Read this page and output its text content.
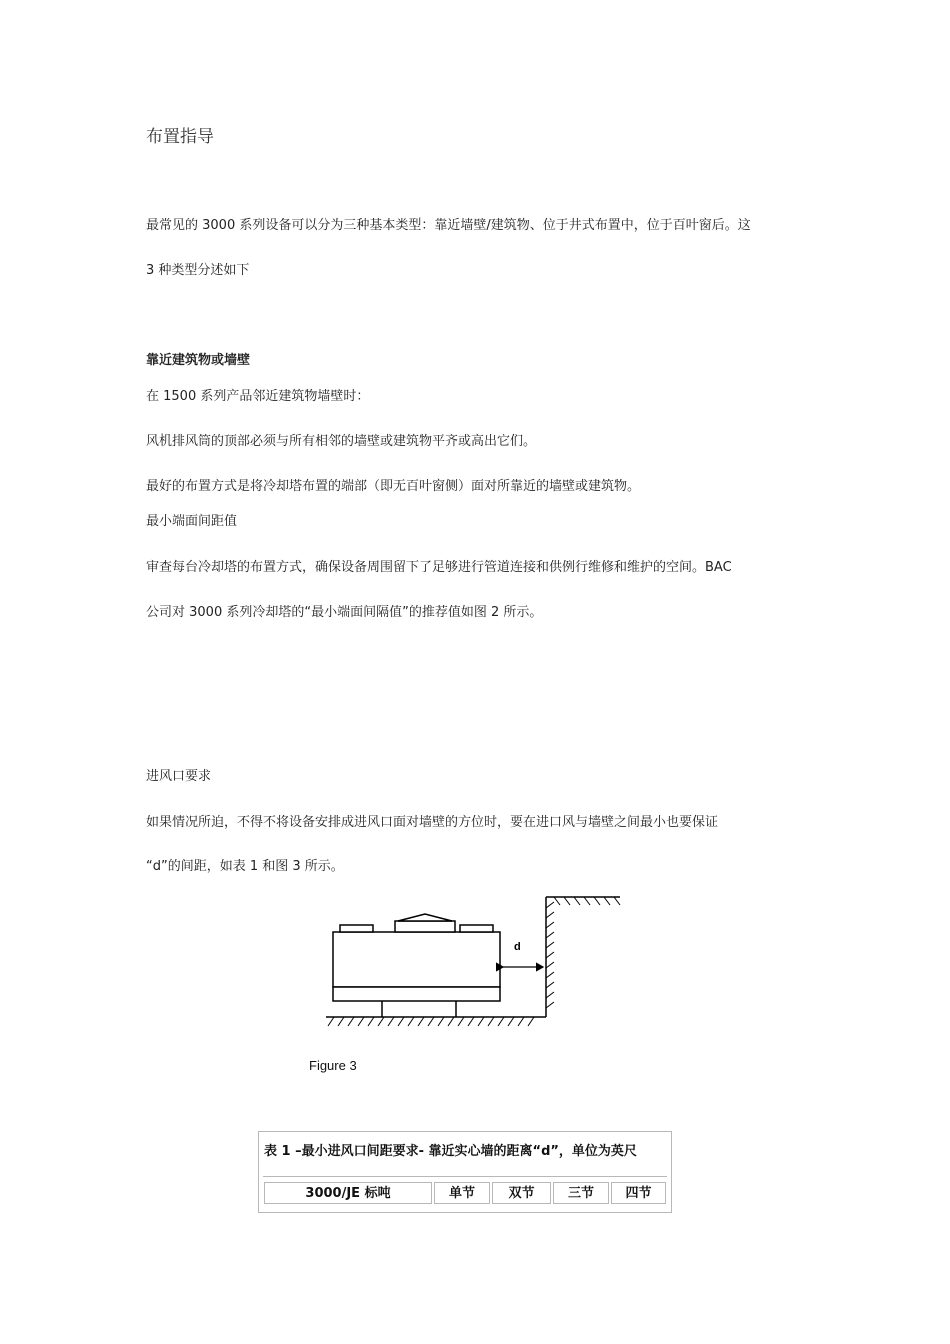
布置指导
最常见的 3000 系列设备可以分为三种基本类型：靠近墙壁/建筑物、位于井式布置中，位于百叶窗后。这
3 种类型分述如下
靠近建筑物或墙壁
在 1500 系列产品邻近建筑物墙壁时：
风机排风筒的顶部必须与所有相邻的墙壁或建筑物平齐或高出它们。
最好的布置方式是将冷却塔布置的端部（即无百叶窗侧）面对所靠近的墙壁或建筑物。
最小端面间距值
审查每台冷却塔的布置方式，确保设备周围留下了足够进行管道连接和供例行维修和维护的空间。BAC
公司对 3000 系列冷却塔的“最小端面间隔值”的推荐值如图 2 所示。
进风口要求
如果情况所迫，不得不将设备安排成进风口面对墙壁的方位时，要在进口风与墙壁之间最小也要保证
“d”的间距，如表 1 和图 3 所示。
d
Figure 3
表 1 –最小进风口间距要求- 靠近实心墙的距离“d”，单位为英尺
3000/JE 标吨	单节	双节	三节	四节
